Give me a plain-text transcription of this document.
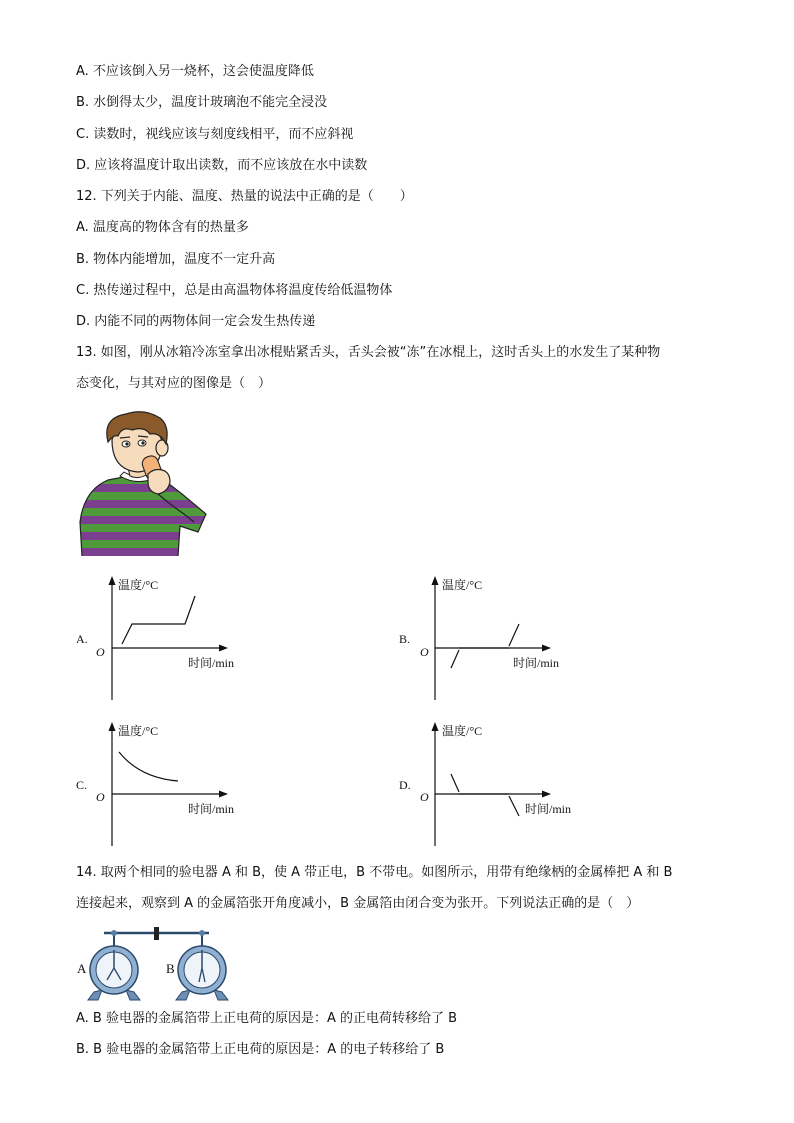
A. 不应该倒入另一烧杯，这会使温度降低
B. 水倒得太少，温度计玻璃泡不能完全浸没
C. 读数时，视线应该与刻度线相平，而不应斜视
D. 应该将温度计取出读数，而不应该放在水中读数
12. 下列关于内能、温度、热量的说法中正确的是（　　）
A. 温度高的物体含有的热量多
B. 物体内能增加，温度不一定升高
C. 热传递过程中，总是由高温物体将温度传给低温物体
D. 内能不同的两物体间一定会发生热传递
13. 如图，刚从冰箱冷冻室拿出冰棍贴紧舌头，舌头会被“冻”在冰棍上，这时舌头上的水发生了某种物
态变化，与其对应的图像是（　）
A.
温度/°C
O
时间/min
B.
温度/°C
O
时间/min
C.
温度/°C
O
时间/min
D.
温度/°C
O
时间/min
14. 取两个相同的验电器 A 和 B，使 A 带正电，B 不带电。如图所示，用带有绝缘柄的金属棒把 A 和 B
连接起来，观察到 A 的金属箔张开角度减小，B 金属箔由闭合变为张开。下列说法正确的是（　）
A	B
A. B 验电器的金属箔带上正电荷的原因是：A 的正电荷转移给了 B
B. B 验电器的金属箔带上正电荷的原因是：A 的电子转移给了 B
